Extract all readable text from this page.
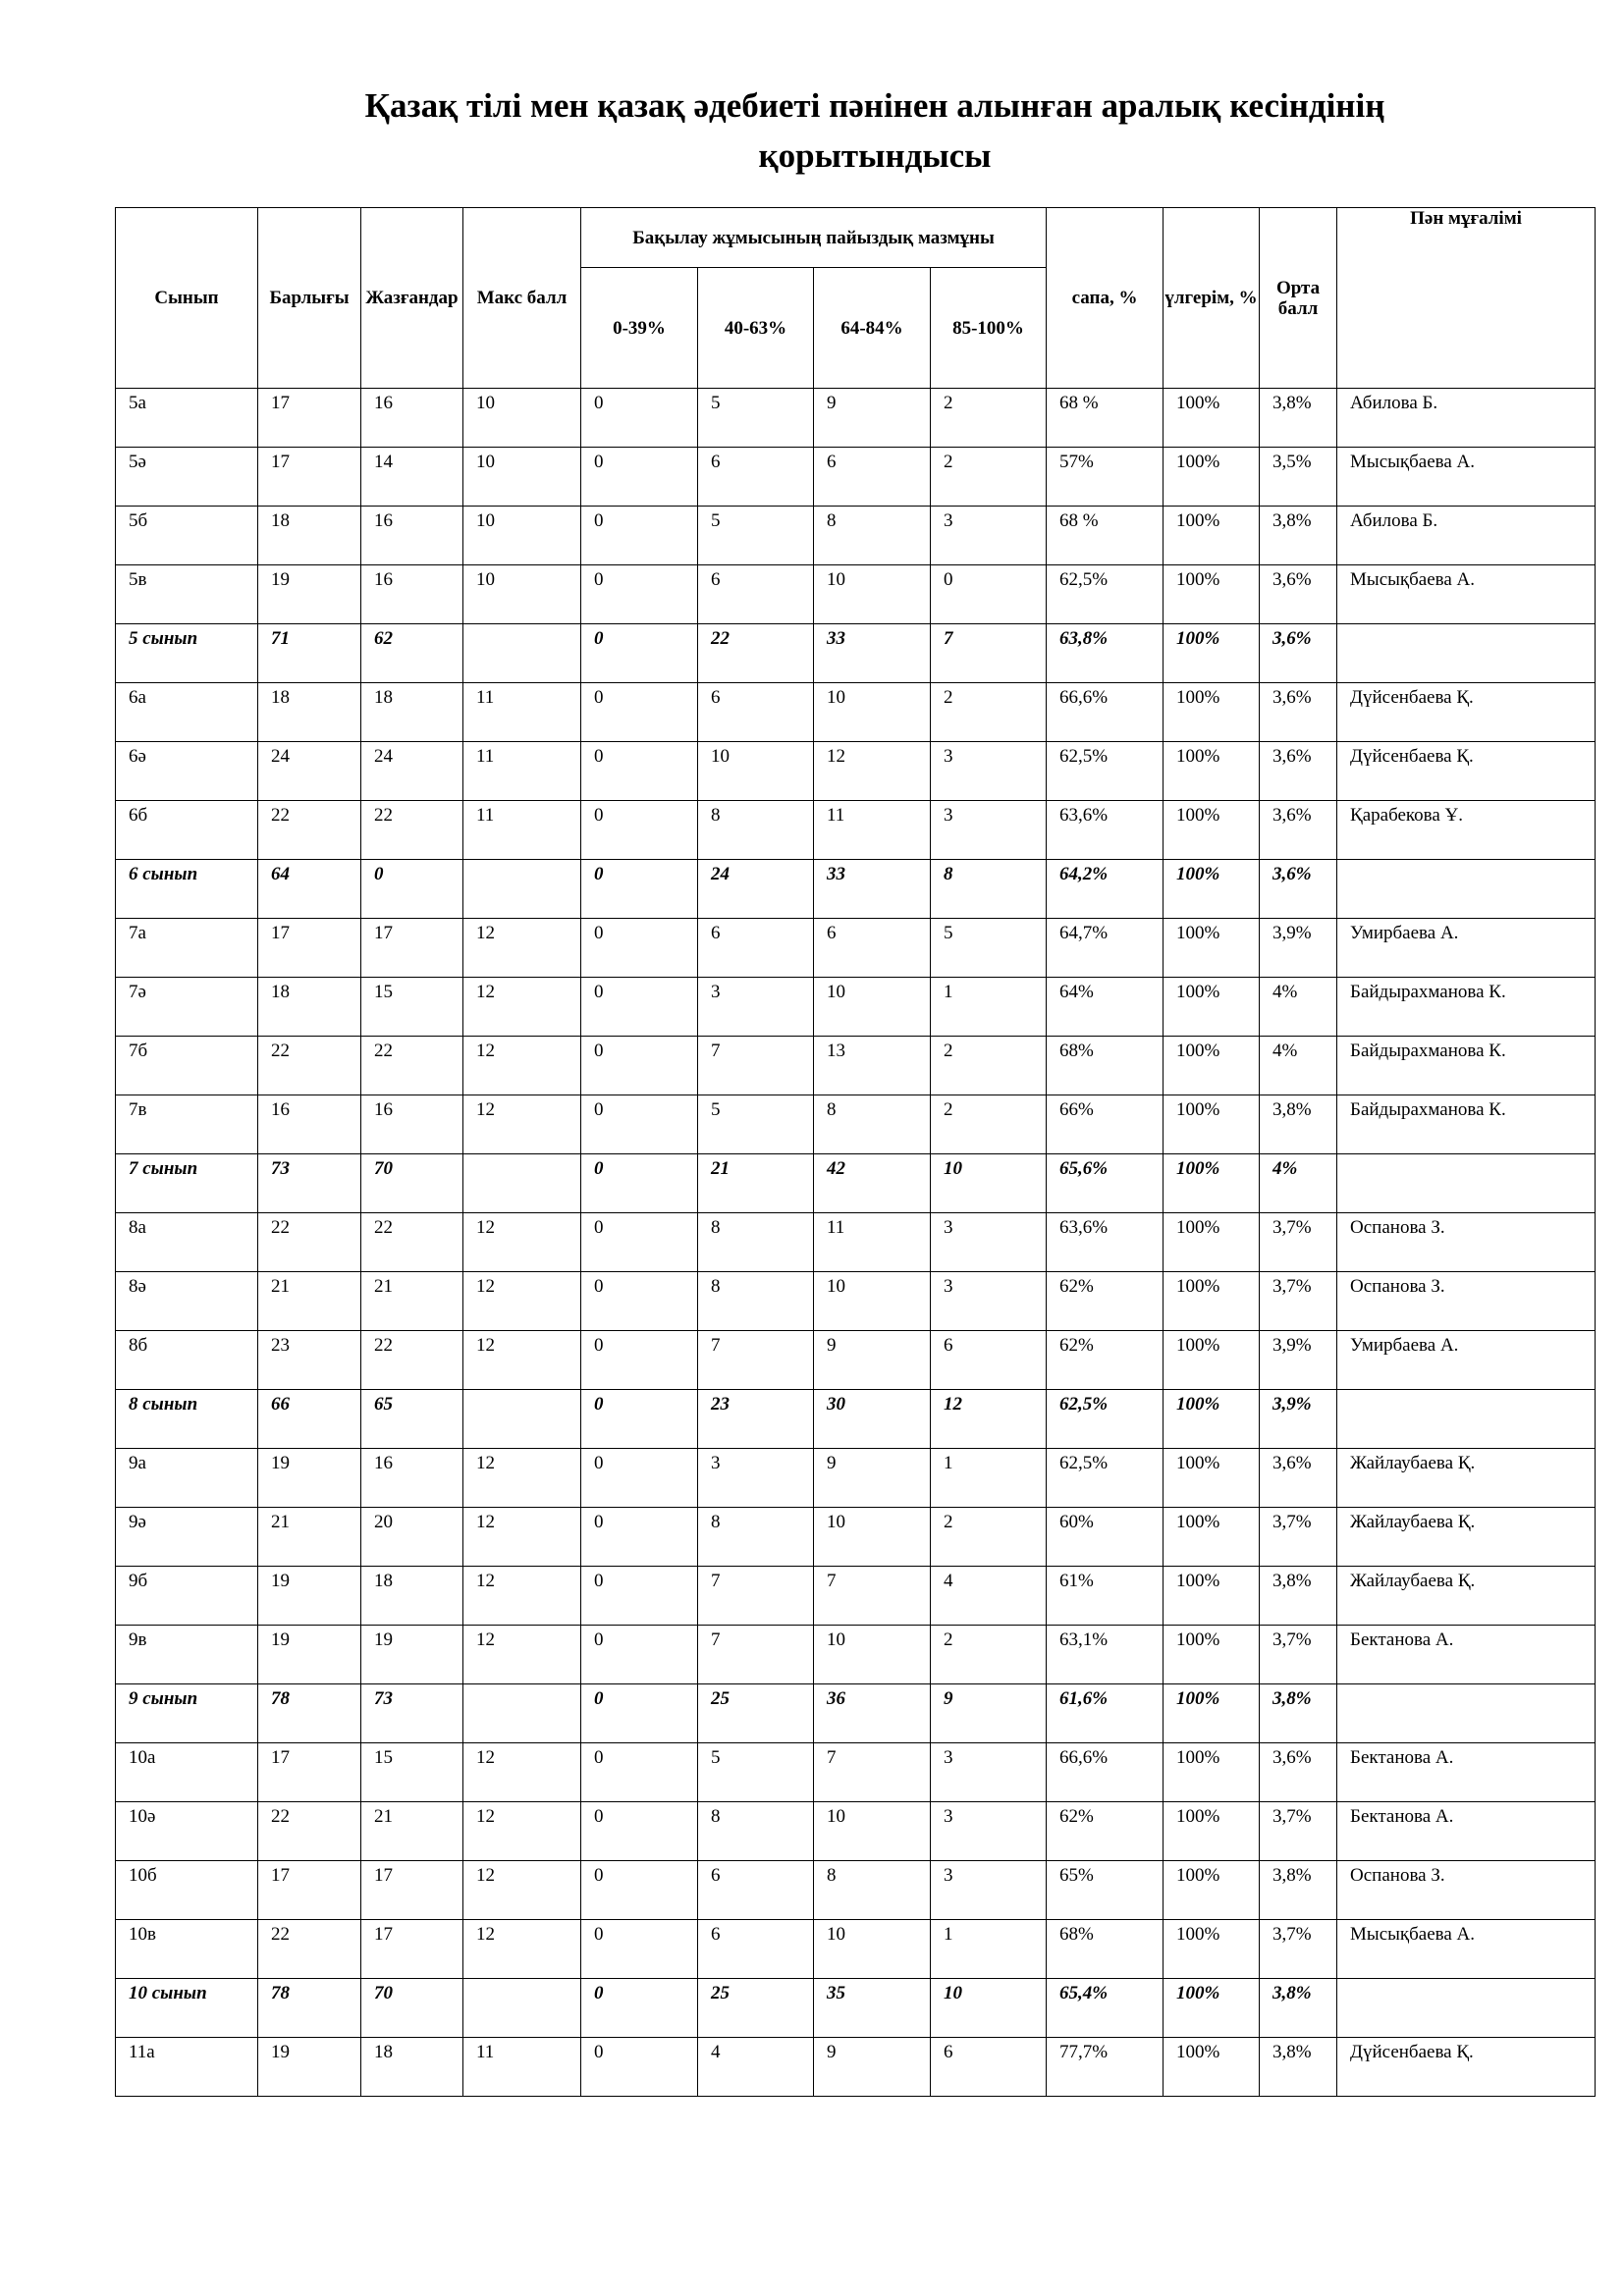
Қазақ тілі мен қазақ әдебиеті пәнінен алынған аралық кесіндінің
қорытындысы
Сынып	Барлығы	Жазғандар	Макс балл	Бақылау жұмысының пайыздық мазмұны				сапа, %	үлгерім, %	Орта балл	Пән мұғалімі
				0-39%	40-63%	64-84%	85-100%				
5а	17	16	10	0	5	9	2	68 %	100%	3,8%	Абилова Б.
5ә	17	14	10	0	6	6	2	57%	100%	3,5%	Мысықбаева А.
5б	18	16	10	0	5	8	3	68 %	100%	3,8%	Абилова Б.
5в	19	16	10	0	6	10	0	62,5%	100%	3,6%	Мысықбаева А.
5 сынып	71	62		0	22	33	7	63,8%	100%	3,6%	
6а	18	18	11	0	6	10	2	66,6%	100%	3,6%	Дүйсенбаева Қ.
6ә	24	24	11	0	10	12	3	62,5%	100%	3,6%	Дүйсенбаева Қ.
6б	22	22	11	0	8	11	3	63,6%	100%	3,6%	Қарабекова Ұ.
6 сынып	64	0		0	24	33	8	64,2%	100%	3,6%	
7а	17	17	12	0	6	6	5	64,7%	100%	3,9%	Умирбаева А.
7ә	18	15	12	0	3	10	1	64%	100%	4%	Байдырахманова К.
7б	22	22	12	0	7	13	2	68%	100%	4%	Байдырахманова К.
7в	16	16	12	0	5	8	2	66%	100%	3,8%	Байдырахманова К.
7 сынып	73	70		0	21	42	10	65,6%	100%	4%	
8а	22	22	12	0	8	11	3	63,6%	100%	3,7%	Оспанова З.
8ә	21	21	12	0	8	10	3	62%	100%	3,7%	Оспанова З.
8б	23	22	12	0	7	9	6	62%	100%	3,9%	Умирбаева А.
8 сынып	66	65		0	23	30	12	62,5%	100%	3,9%	
9а	19	16	12	0	3	9	1	62,5%	100%	3,6%	Жайлаубаева Қ.
9ә	21	20	12	0	8	10	2	60%	100%	3,7%	Жайлаубаева Қ.
9б	19	18	12	0	7	7	4	61%	100%	3,8%	Жайлаубаева Қ.
9в	19	19	12	0	7	10	2	63,1%	100%	3,7%	Бектанова А.
9 сынып	78	73		0	25	36	9	61,6%	100%	3,8%	
10а	17	15	12	0	5	7	3	66,6%	100%	3,6%	Бектанова А.
10ә	22	21	12	0	8	10	3	62%	100%	3,7%	Бектанова А.
10б	17	17	12	0	6	8	3	65%	100%	3,8%	Оспанова З.
10в	22	17	12	0	6	10	1	68%	100%	3,7%	Мысықбаева А.
10 сынып	78	70		0	25	35	10	65,4%	100%	3,8%	
11а	19	18	11	0	4	9	6	77,7%	100%	3,8%	Дүйсенбаева Қ.
